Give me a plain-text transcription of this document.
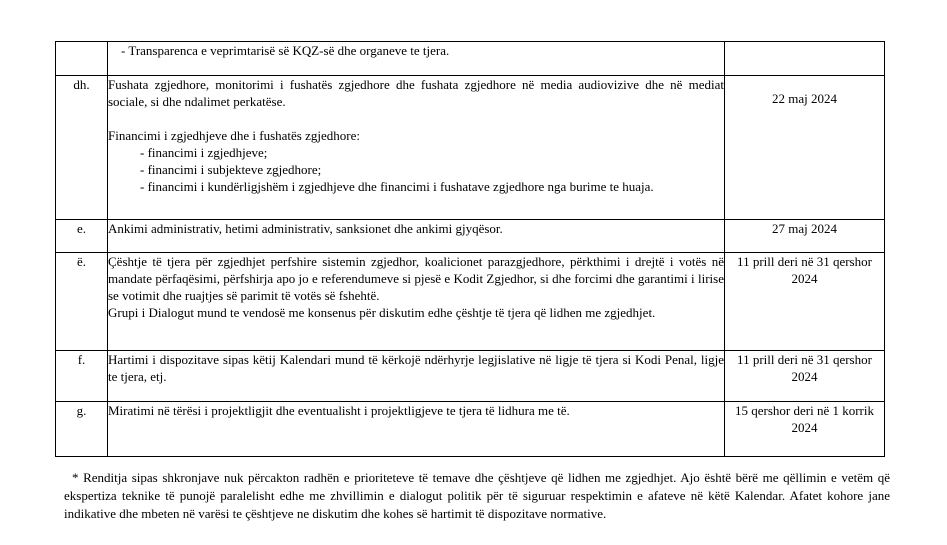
	- Transparenca e veprimtarisë së KQZ-së dhe organeve te tjera.	
dh.	Fushata zgjedhore, monitorimi i fushatës zgjedhore dhe fushata zgjedhore në media audiovizive dhe në mediat sociale, si dhe ndalimet perkatëse.

Financimi i zgjedhjeve dhe i fushatës zgjedhore:

- financimi i zgjedhjeve;

- financimi i subjekteve zgjedhore;

- financimi i kundërligjshëm i zgjedhjeve dhe financimi i fushatave zgjedhore nga burime te huaja.	22 maj 2024
e.	Ankimi administrativ, hetimi administrativ, sanksionet dhe ankimi gjyqësor.	27 maj 2024
ë.	Çështje të tjera për zgjedhjet perfshire sistemin zgjedhor, koalicionet parazgjedhore, përkthimi i drejtë i votës në mandate përfaqësimi, përfshirja apo jo e referendumeve si pjesë e Kodit Zgjedhor, si dhe forcimi dhe garantimi i lirise se votimit dhe ruajtjes së parimit të votës së fshehtë.

Grupi i Dialogut mund te vendosë me konsenus për diskutim edhe çështje të tjera që lidhen me zgjedhjet.	11 prill deri në 31 qershor 2024
f.	Hartimi i dispozitave sipas këtij Kalendari mund të kërkojë ndërhyrje legjislative në ligje të tjera si Kodi Penal, ligje te tjera, etj.	11 prill deri në 31 qershor 2024
g.	Miratimi në tërësi i projektligjit dhe eventualisht i projektligjeve te tjera të lidhura me të.	15 qershor deri në 1 korrik 2024

* Renditja sipas shkronjave nuk përcakton radhën e prioriteteve të temave dhe çështjeve që lidhen me zgjedhjet. Ajo është bërë me qëllimin e vetëm që ekspertiza teknike të punojë paralelisht edhe me zhvillimin e dialogut politik për të siguruar respektimin e afateve në këtë Kalendar. Afatet kohore jane indikative dhe mbeten në varësi te çështjeve ne diskutim dhe kohes së hartimit të dispozitave normative.
